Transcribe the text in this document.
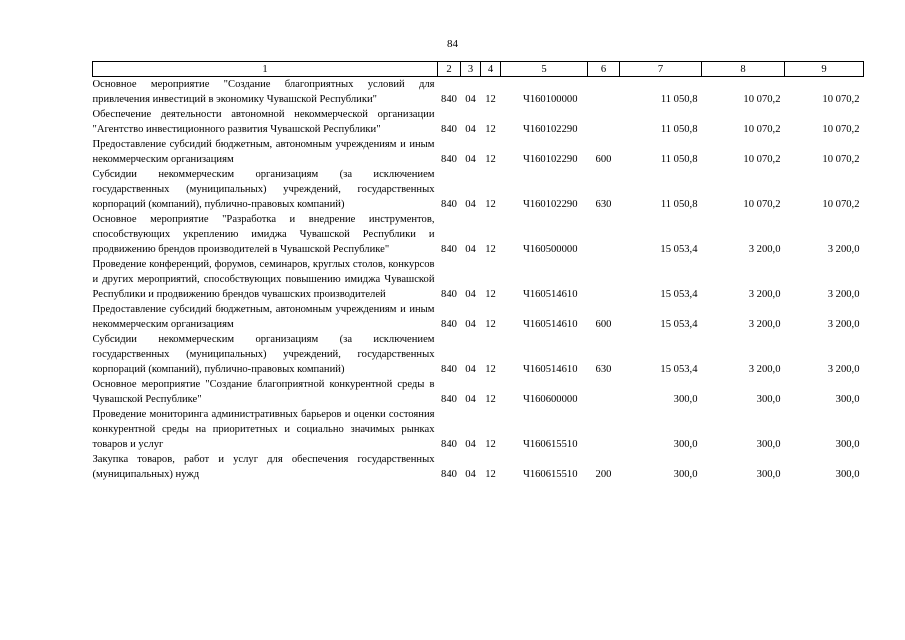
84
1	2	3	4	5	6	7	8	9
Основное мероприятие "Создание благоприятных условий для привлечения инвестиций в экономику Чувашской Республики"	840	04	12	Ч160100000		11 050,8	10 070,2	10 070,2
Обеспечение деятельности автономной некоммерческой организации "Агентство инвестиционного развития Чувашской Республики"	840	04	12	Ч160102290		11 050,8	10 070,2	10 070,2
Предоставление субсидий бюджетным, автономным учреждениям и иным некоммерческим организациям	840	04	12	Ч160102290	600	11 050,8	10 070,2	10 070,2
Субсидии некоммерческим организациям (за исключением государственных (муниципальных) учреждений, государственных корпораций (компаний), публично-правовых компаний)	840	04	12	Ч160102290	630	11 050,8	10 070,2	10 070,2
Основное мероприятие "Разработка и внедрение инструментов, способствующих укреплению имиджа Чувашской Республики и продвижению брендов производителей в Чувашской Республике"	840	04	12	Ч160500000		15 053,4	3 200,0	3 200,0
Проведение конференций, форумов, семинаров, круглых столов, конкурсов и других мероприятий, способствующих повышению имиджа Чувашской Республики и продвижению брендов чувашских производителей	840	04	12	Ч160514610		15 053,4	3 200,0	3 200,0
Предоставление субсидий бюджетным, автономным учреждениям и иным некоммерческим организациям	840	04	12	Ч160514610	600	15 053,4	3 200,0	3 200,0
Субсидии некоммерческим организациям (за исключением государственных (муниципальных) учреждений, государственных корпораций (компаний), публично-правовых компаний)	840	04	12	Ч160514610	630	15 053,4	3 200,0	3 200,0
Основное мероприятие "Создание благоприятной конкурентной среды в Чувашской Республике"	840	04	12	Ч160600000		300,0	300,0	300,0
Проведение мониторинга административных барьеров и оценки состояния конкурентной среды на приоритетных и социально значимых рынках товаров и услуг	840	04	12	Ч160615510		300,0	300,0	300,0
Закупка товаров, работ и услуг для обеспечения государственных (муниципальных) нужд	840	04	12	Ч160615510	200	300,0	300,0	300,0
